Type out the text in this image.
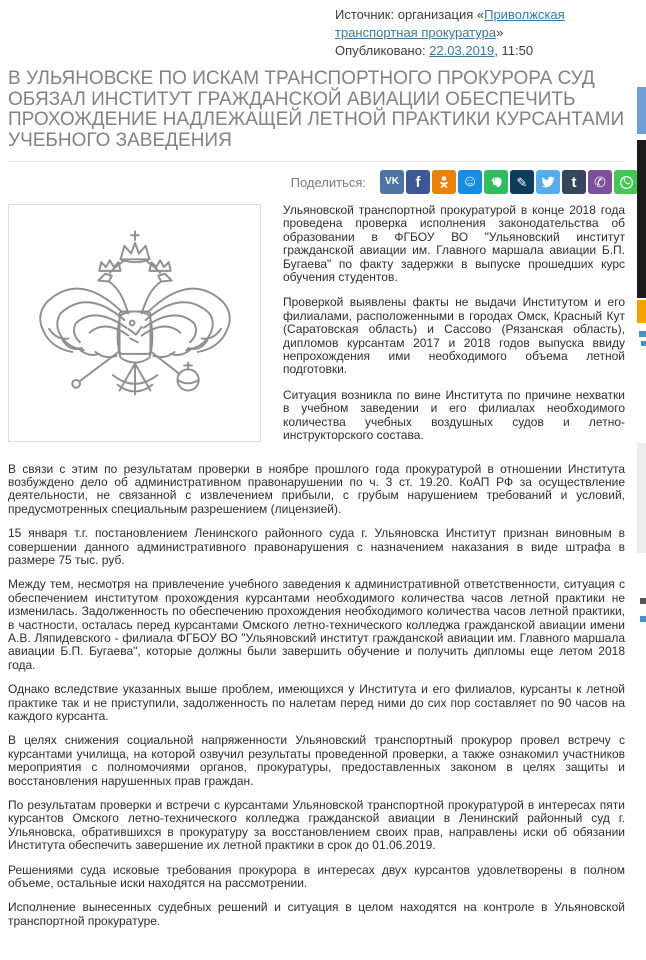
Источник: организация «Приволжская транспортная прокуратура»
Опубликовано: 22.03.2019, 11:50
В УЛЬЯНОВСКЕ ПО ИСКАМ ТРАНСПОРТНОГО ПРОКУРОРА СУД ОБЯЗАЛ ИНСТИТУТ ГРАЖДАНСКОЙ АВИАЦИИ ОБЕСПЕЧИТЬ ПРОХОЖДЕНИЕ НАДЛЕЖАЩЕЙ ЛЕТНОЙ ПРАКТИКИ КУРСАНТАМИ УЧЕБНОГО ЗАВЕДЕНИЯ
Поделиться: VK f	☺	✎	t ✆

Ульяновской транспортной прокуратурой в конце 2018 года проведена проверка исполнения законодательства об образовании в ФГБОУ ВО "Ульяновский институт гражданской авиации им. Главного маршала авиации Б.П. Бугаева" по факту задержки в выпуске прошедших курс обучения студентов.

Проверкой выявлены факты не выдачи Институтом и его филиалами, расположенными в городах Омск, Красный Кут (Саратовская область) и Сассово (Рязанская область), дипломов курсантам 2017 и 2018 годов выпуска ввиду непрохождения ими необходимого объема летной подготовки.

Ситуация возникла по вине Института по причине нехватки в учебном заведении и его филиалах необходимого количества учебных воздушных судов и летно-инструкторского состава.

В связи с этим по результатам проверки в ноябре прошлого года прокуратурой в отношении Института возбуждено дело об административном правонарушении по ч. 3 ст. 19.20. КоАП РФ за осуществление деятельности, не связанной с извлечением прибыли, с грубым нарушением требований и условий, предусмотренных специальным разрешением (лицензией).

15 января т.г. постановлением Ленинского районного суда г. Ульяновска Институт признан виновным в совершении данного административного правонарушения с назначением наказания в виде штрафа в размере 75 тыс. руб.

Между тем, несмотря на привлечение учебного заведения к административной ответственности, ситуация с обеспечением институтом прохождения курсантами необходимого количества часов летной практики не изменилась. Задолженность по обеспечению прохождения необходимого количества часов летной практики, в частности, осталась перед курсантами Омского летно-технического колледжа гражданской авиации имени А.В. Ляпидевского - филиала ФГБОУ ВО "Ульяновский институт гражданской авиации им. Главного маршала авиации Б.П. Бугаева", которые должны были завершить обучение и получить дипломы еще летом 2018 года.

Однако вследствие указанных выше проблем, имеющихся у Института и его филиалов, курсанты к летной практике так и не приступили, задолженность по налетам перед ними до сих пор составляет по 90 часов на каждого курсанта.

В целях снижения социальной напряженности Ульяновский транспортный прокурор провел встречу с курсантами училища, на которой озвучил результаты проведенной проверки, а также ознакомил участников мероприятия с полномочиями органов, прокуратуры, предоставленных законом в целях защиты и восстановления нарушенных прав граждан.

По результатам проверки и встречи с курсантами Ульяновской транспортной прокуратурой в интересах пяти курсантов Омского летно-технического колледжа гражданской авиации в Ленинский районный суд г. Ульяновска, обратившихся в прокуратуру за восстановлением своих прав, направлены иски об обязании Института обеспечить завершение их летной практики в срок до 01.06.2019.

Решениями суда исковые требования прокурора в интересах двух курсантов удовлетворены в полном объеме, остальные иски находятся на рассмотрении.

Исполнение вынесенных судебных решений и ситуация в целом находятся на контроле в Ульяновской транспортной прокуратуре.
